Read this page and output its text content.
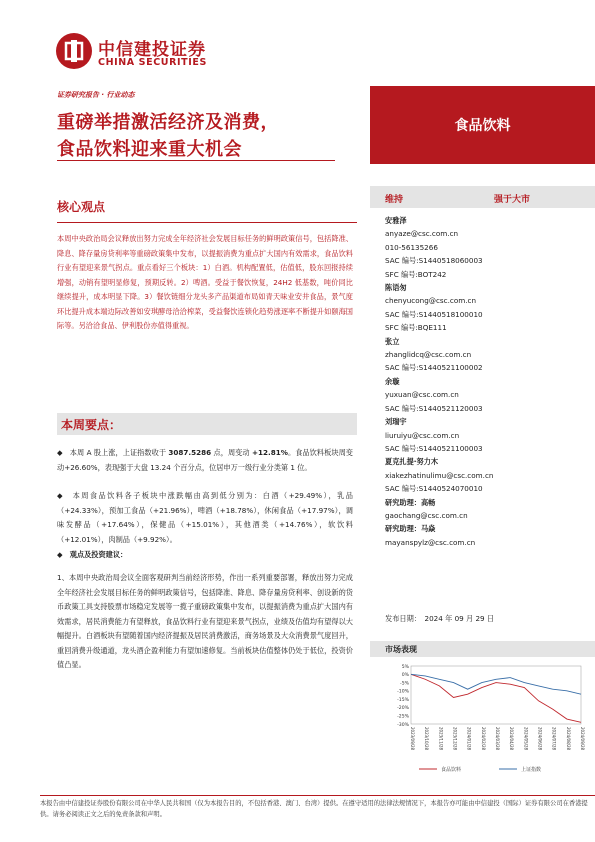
中信建投证券
CHINA SECURITIES
证券研究报告 · 行业动态
重磅举措激活经济及消费，
食品饮料迎来重大机会
食品饮料
核心观点
本周中央政治局会议释放出努力完成全年经济社会发展目标任务的鲜明政策信号，包括降准、降息、降存量房贷利率等重磅政策集中发布，以提振消费为重点扩大国内有效需求，食品饮料行业有望迎来景气拐点。重点看好三个板块：1）白酒。机构配置低，估值低，股东回报持续增强，动销有望明显修复，预期反转。2）啤酒。受益于餐饮恢复，24H2 低基数，吨价同比继续提升，成本明显下降。3）餐饮链细分龙头多产品渠道布局如青天味业安井食品，景气度环比提升成本端边际改善如安琪酵母洽洽榨菜，受益餐饮连锁化趋势涨逐率不断提升如颐海国际等。另洽洽食品、伊利股份亦值得重视。
本周要点：
◆　本周 A 股上涨，上证指数收于 3087.5286 点，周变动 +12.81%。食品饮料板块周变动+26.60%，表现强于大盘 13.24 个百分点，位居申万一级行业分类第 1 位。
◆　本周食品饮料各子板块中涨跌幅由高到低分别为：白酒（+29.49%），乳品（+24.33%），预加工食品（+21.96%），啤酒（+18.78%），休闲食品（+17.97%），调味发酵品（+17.64%），保健品（+15.01%），其他酒类（+14.76%），软饮料（+12.01%），肉制品（+9.92%）。
◆　观点及投资建议：
1、本周中央政治局会议全面客观研判当前经济形势，作出一系列重要部署，释放出努力完成全年经济社会发展目标任务的鲜明政策信号，包括降准、降息、降存量房贷利率、创设新的货币政策工具支持股票市场稳定发展等一揽子重磅政策集中发布，以提振消费为重点扩大国内有效需求，居民消费能力有望释放，食品饮料行业有望迎来景气拐点，业绩及估值均有望得以大幅提升。白酒板块有望随着国内经济提振及居民消费激活，商务场景及大众消费景气度回升，重回消费升级通道，龙头酒企盈利能力有望加速修复。当前板块估值整体仍处于低位，投资价值凸显。
维持	强于大市
安雅泽
anyaze@csc.com.cn
010-56135266
SAC 编号:S1440518060003
SFC 编号:BOT242
陈语匆
chenyucong@csc.com.cn
SAC 编号:S1440518100010
SFC 编号:BQE111
张立
zhanglidcq@csc.com.cn
SAC 编号:S1440521100002
余璇
yuxuan@csc.com.cn
SAC 编号:S1440521120003
刘瑞宇
liuruiyu@csc.com.cn
SAC 编号:S1440521100003
夏克扎提·努力木
xiakezhatinulimu@csc.com.cn
SAC 编号:S1440524070010
研究助理：高畅
gaochang@csc.com.cn
研究助理：马焱
mayanspylz@csc.com.cn
发布日期：　2024 年 09 月 29 日
市场表现
5%
0%
-5%
-10%
-15%
-20%
-25%
-30%
2023/09/28 2023/10/28 2023/11/28 2023/12/28 2024/01/28 2024/02/28 2024/03/28 2024/04/28 2024/05/28 2024/06/28 2024/07/28 2024/08/28 2024/09/28
食品饮料	上证指数
本报告由中信建投证券股份有限公司在中华人民共和国（仅为本报告目的，不包括香港、澳门、台湾）提供。在遵守适用的法律法规情况下，本报告亦可能由中信建投（国际）证券有限公司在香港提供。请务必阅读正文之后的免责条款和声明。
